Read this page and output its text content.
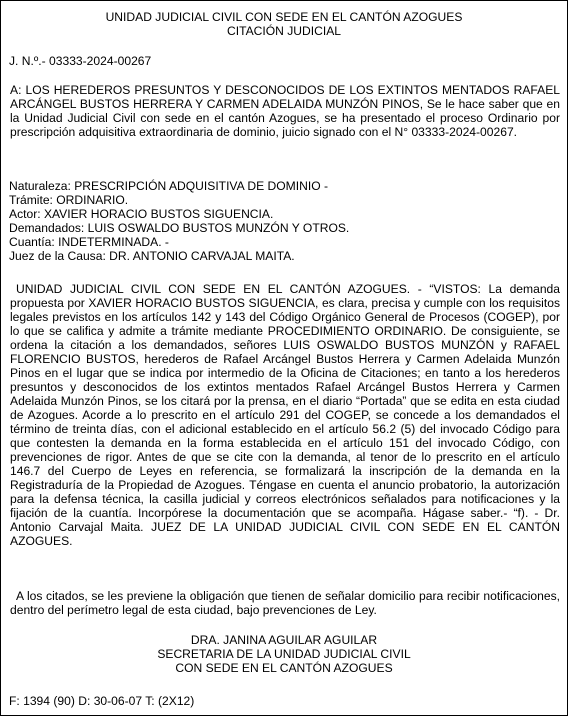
UNIDAD JUDICIAL CIVIL CON SEDE EN EL CANTÓN AZOGUES
CITACIÓN JUDICIAL
J. N.º.- 03333-2024-00267
A: LOS HEREDEROS PRESUNTOS Y DESCONOCIDOS DE LOS EXTINTOS MENTADOS RAFAEL ARCÁNGEL BUSTOS HERRERA Y CARMEN ADELAIDA MUNZÓN PINOS, Se le hace saber que en la Unidad Judicial Civil con sede en el cantón Azogues, se ha presentado el proceso Ordinario por prescripción adquisitiva extraordinaria de dominio, juicio signado con el N° 03333-2024-00267.
Naturaleza: PRESCRIPCIÓN ADQUISITIVA DE DOMINIO -
Trámite: ORDINARIO.
Actor: XAVIER HORACIO BUSTOS SIGUENCIA.
Demandados: LUIS OSWALDO BUSTOS MUNZÓN Y OTROS.
Cuantía: INDETERMINADA. -
Juez de la Causa: DR. ANTONIO CARVAJAL MAITA.
UNIDAD JUDICIAL CIVIL CON SEDE EN EL CANTÓN AZOGUES. - “VISTOS: La demanda propuesta por XAVIER HORACIO BUSTOS SIGUENCIA, es clara, precisa y cumple con los requisitos legales previstos en los artículos 142 y 143 del Código Orgánico General de Procesos (COGEP), por lo que se califica y admite a trámite mediante PROCEDIMIENTO ORDINARIO. De consiguiente, se ordena la citación a los demandados, señores LUIS OSWALDO BUSTOS MUNZÓN y RAFAEL FLORENCIO BUSTOS, herederos de Rafael Arcángel Bustos Herrera y Carmen Adelaida Munzón Pinos en el lugar que se indica por intermedio de la Oficina de Citaciones; en tanto a los herederos presuntos y desconocidos de los extintos mentados Rafael Arcángel Bustos Herrera y Carmen Adelaida Munzón Pinos, se los citará por la prensa, en el diario “Portada” que se edita en esta ciudad de Azogues. Acorde a lo prescrito en el artículo 291 del COGEP, se concede a los demandados el término de treinta días, con el adicional establecido en el artículo 56.2 (5) del invocado Código para que contesten la demanda en la forma establecida en el artículo 151 del invocado Código, con prevenciones de rigor. Antes de que se cite con la demanda, al tenor de lo prescrito en el artículo 146.7 del Cuerpo de Leyes en referencia, se formalizará la inscripción de la demanda en la Registraduría de la Propiedad de Azogues. Téngase en cuenta el anuncio probatorio, la autorización para la defensa técnica, la casilla judicial y correos electrónicos señalados para notificaciones y la fijación de la cuantía. Incorpórese la documentación que se acompaña. Hágase saber.- “f). - Dr. Antonio Carvajal Maita. JUEZ DE LA UNIDAD JUDICIAL CIVIL CON SEDE EN EL CANTÓN AZOGUES.
A los citados, se les previene la obligación que tienen de señalar domicilio para recibir notificaciones, dentro del perímetro legal de esta ciudad, bajo prevenciones de Ley.
DRA. JANINA AGUILAR AGUILAR
SECRETARIA DE LA UNIDAD JUDICIAL CIVIL
CON SEDE EN EL CANTÓN AZOGUES
F: 1394 (90) D: 30-06-07 T: (2X12)
